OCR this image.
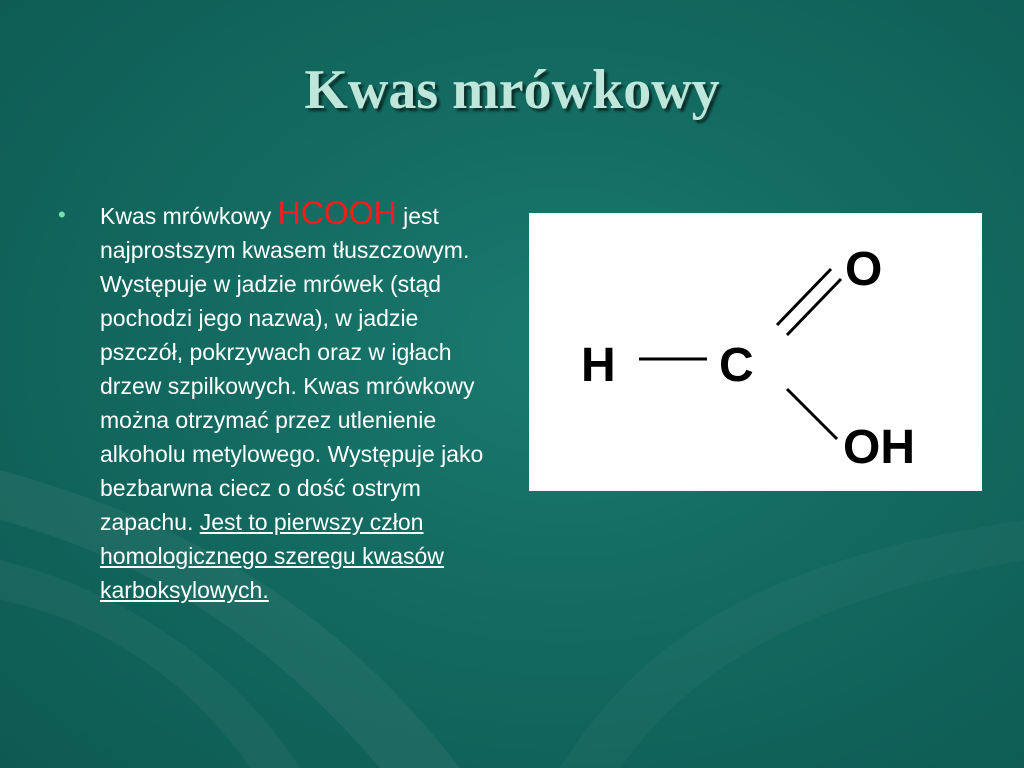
Kwas mrówkowy
• Kwas mrówkowy HCOOH jest najprostszym kwasem tłuszczowym. Występuje w jadzie mrówek (stąd pochodzi jego nazwa), w jadzie pszczół, pokrzywach oraz w igłach drzew szpilkowych. Kwas mrówkowy można otrzymać przez utlenienie alkoholu metylowego. Występuje jako bezbarwna ciecz o dość ostrym zapachu. Jest to pierwszy człon homologicznego szeregu kwasów karboksylowych.
H C
O
OH
